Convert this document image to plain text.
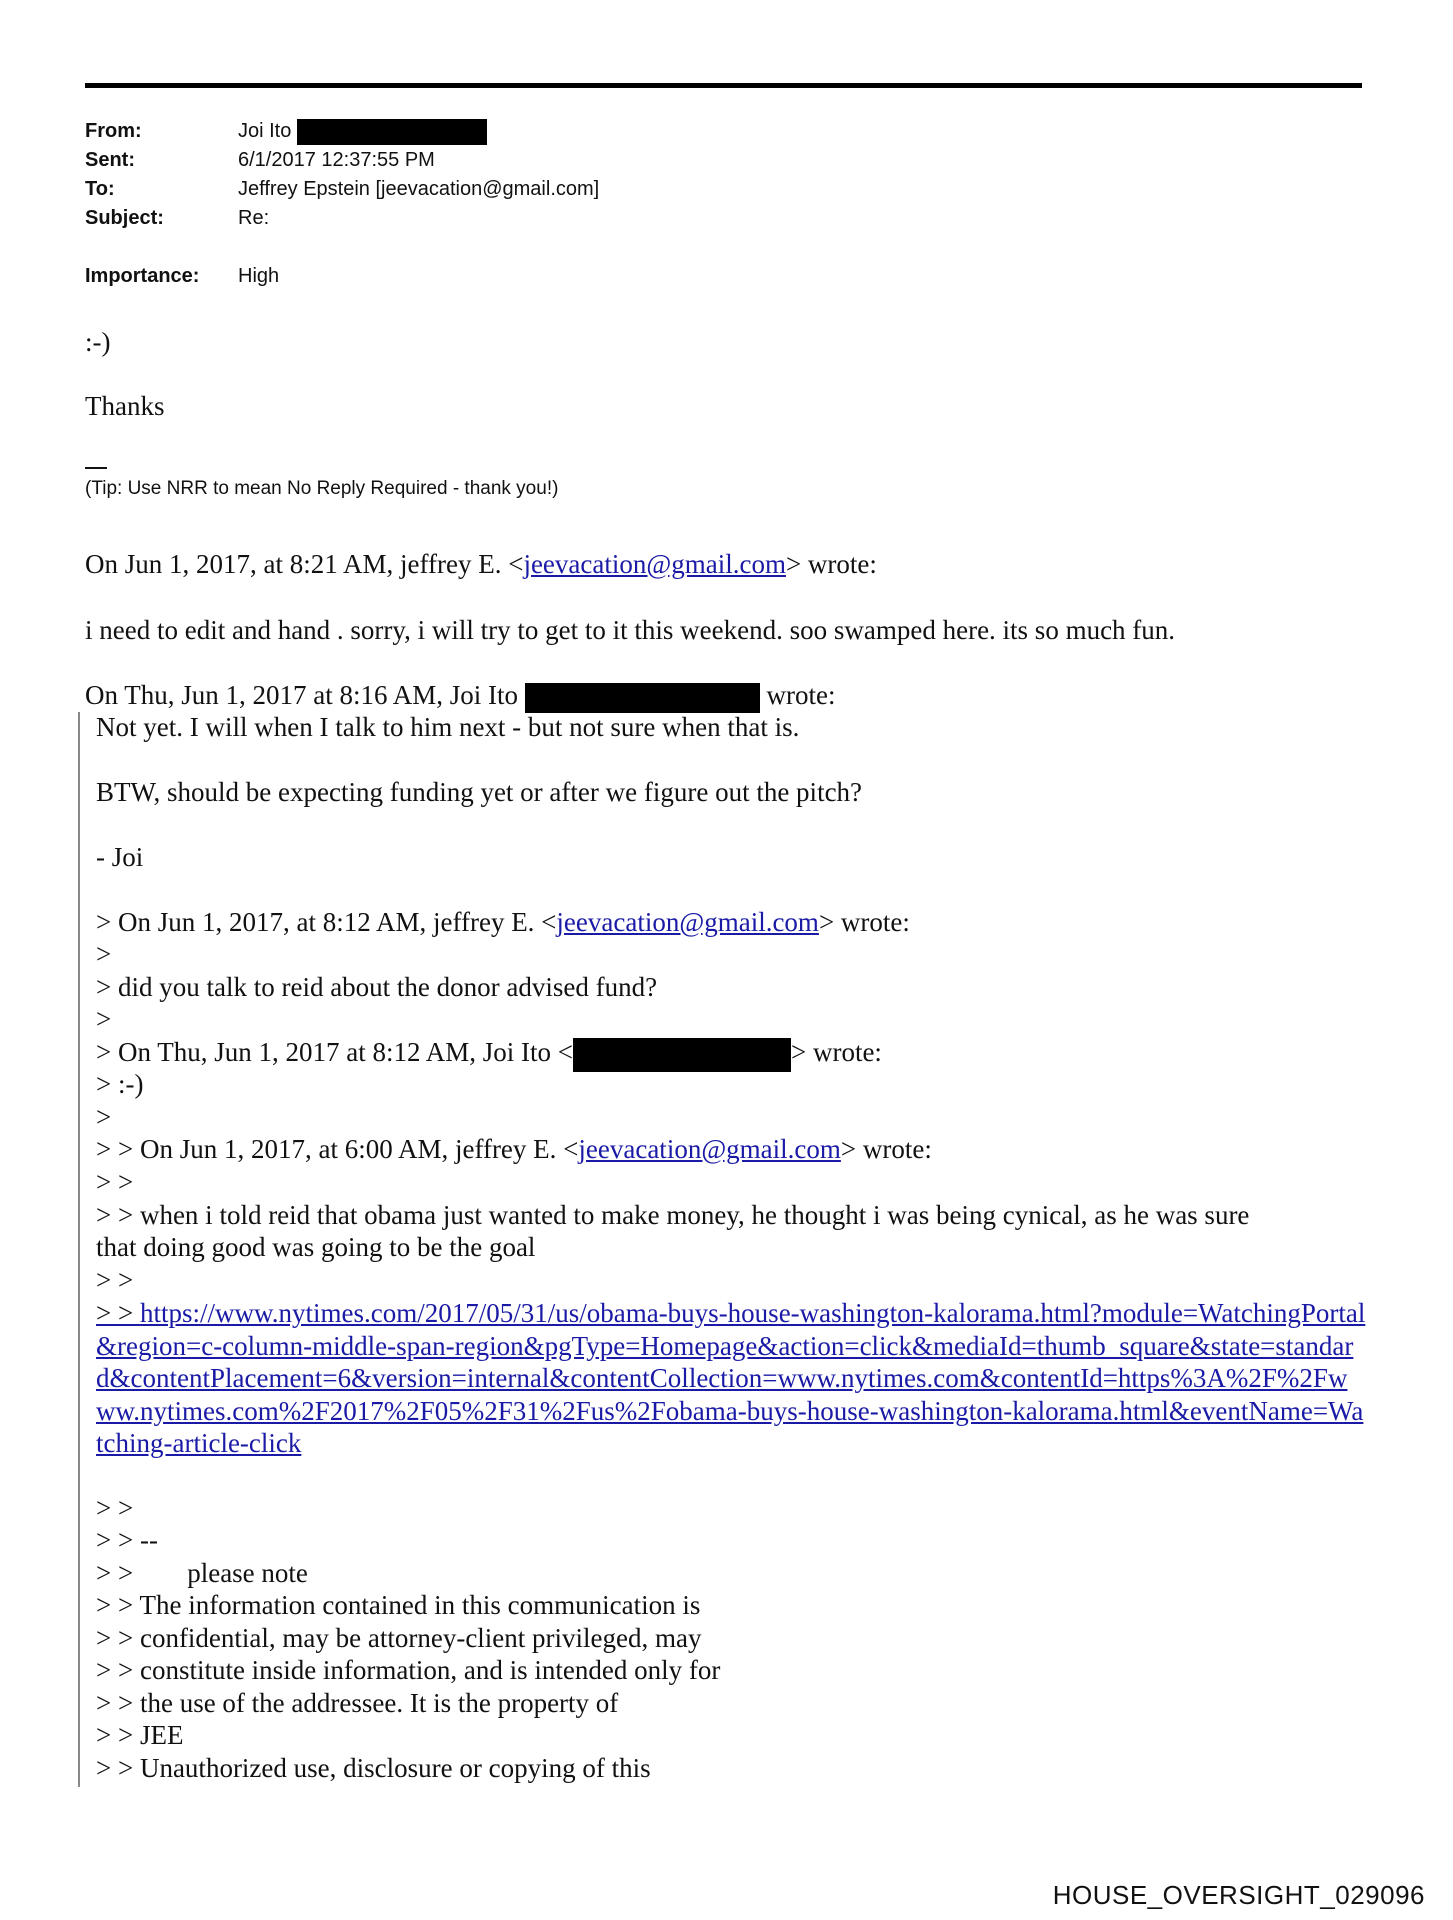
From:	Joi Ito
Sent:	6/1/2017 12:37:55 PM
To:	Jeffrey Epstein [jeevacation@gmail.com]
Subject:	Re:
Importance: High
:-)
Thanks
(Tip: Use NRR to mean No Reply Required - thank you!)
On Jun 1, 2017, at 8:21 AM, jeffrey E. <jeevacation@gmail.com> wrote:
i need to edit and hand . sorry, i will try to get to it this weekend. soo swamped here. its so much fun.
On Thu, Jun 1, 2017 at 8:16 AM, Joi Ito	wrote:
Not yet. I will when I talk to him next - but not sure when that is.
BTW, should be expecting funding yet or after we figure out the pitch?
- Joi
> On Jun 1, 2017, at 8:12 AM, jeffrey E. <jeevacation@gmail.com> wrote:
>
> did you talk to reid about the donor advised fund?
>
> On Thu, Jun 1, 2017 at 8:12 AM, Joi Ito <	> wrote:
> :-)
>
> > On Jun 1, 2017, at 6:00 AM, jeffrey E. <jeevacation@gmail.com> wrote:
> >
> > when i told reid that obama just wanted to make money, he thought i was being cynical, as he was sure
that doing good was going to be the goal
> >
> > https://www.nytimes.com/2017/05/31/us/obama-buys-house-washington-kalorama.html?module=WatchingPortal&region=c-column-middle-span-region&pgType=Homepage&action=click&mediaId=thumb_square&state=standard&contentPlacement=6&version=internal&contentCollection=www.nytimes.com&contentId=https%3A%2F%2Fwww.nytimes.com%2F2017%2F05%2F31%2Fus%2Fobama-buys-house-washington-kalorama.html&eventName=Watching-article-click
> >
> > --
> >        please note
> > The information contained in this communication is
> > confidential, may be attorney-client privileged, may
> > constitute inside information, and is intended only for
> > the use of the addressee. It is the property of
> > JEE
> > Unauthorized use, disclosure or copying of this
HOUSE_OVERSIGHT_029096
